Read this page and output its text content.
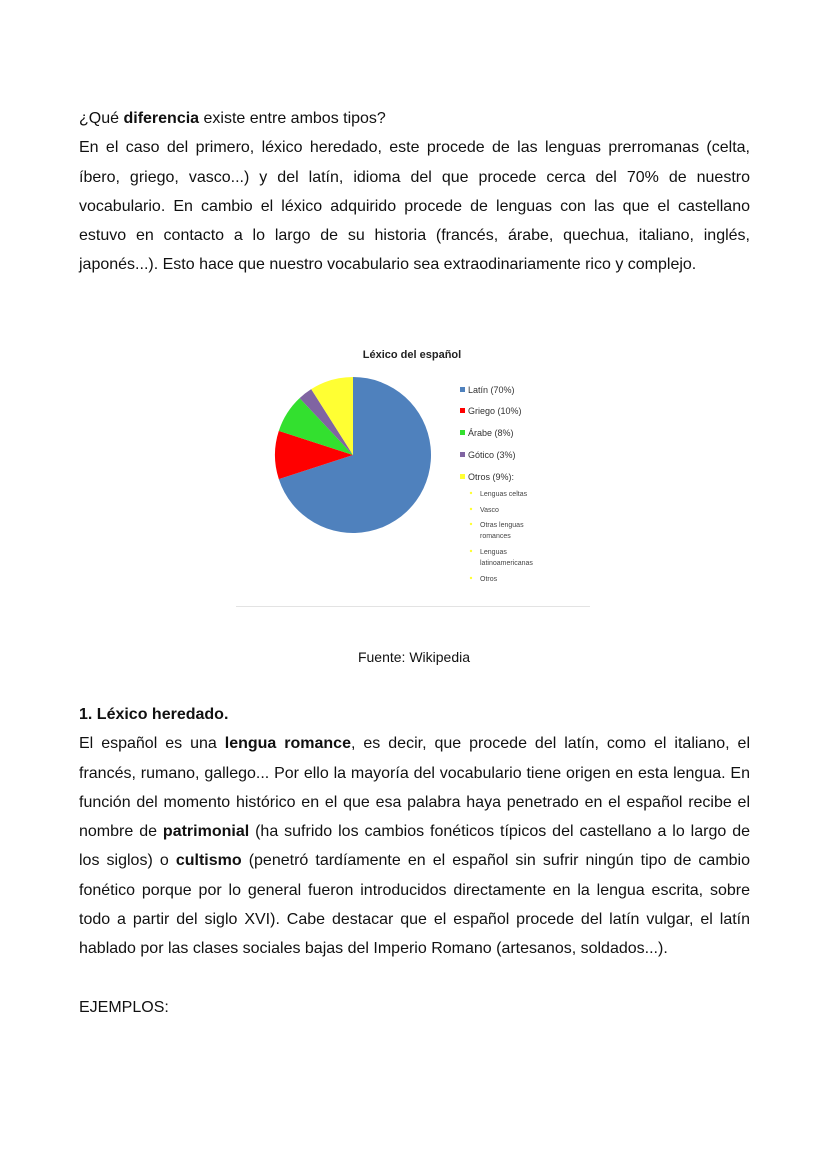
¿Qué diferencia existe entre ambos tipos?

En el caso del primero, léxico heredado, este procede de las lenguas prerromanas (celta, íbero, griego, vasco...) y del latín, idioma del que procede cerca del 70% de nuestro vocabulario. En cambio el léxico adquirido procede de lenguas con las que el castellano estuvo en contacto a lo largo de su historia (francés, árabe, quechua, italiano, inglés, japonés...). Esto hace que nuestro vocabulario sea extraodinariamente rico y complejo.

Léxico del español
Latín (70%)
Griego (10%)
Árabe (8%)
Gótico (3%)
Otros (9%):
Lenguas celtas
Vasco
Otras lenguas romances
Lenguas latinoamericanas
Otros
Fuente: Wikipedia

1. Léxico heredado.

El español es una lengua romance, es decir, que procede del latín, como el italiano, el francés, rumano, gallego... Por ello la mayoría del vocabulario tiene origen en esta lengua. En función del momento histórico en el que esa palabra haya penetrado en el español recibe el nombre de patrimonial (ha sufrido los cambios fonéticos típicos del castellano a lo largo de los siglos) o cultismo (penetró tardíamente en el español sin sufrir ningún tipo de cambio fonético porque por lo general fueron introducidos directamente en la lengua escrita, sobre todo a partir del siglo XVI). Cabe destacar que el español procede del latín vulgar, el latín hablado por las clases sociales bajas del Imperio Romano (artesanos, soldados...).

EJEMPLOS:
